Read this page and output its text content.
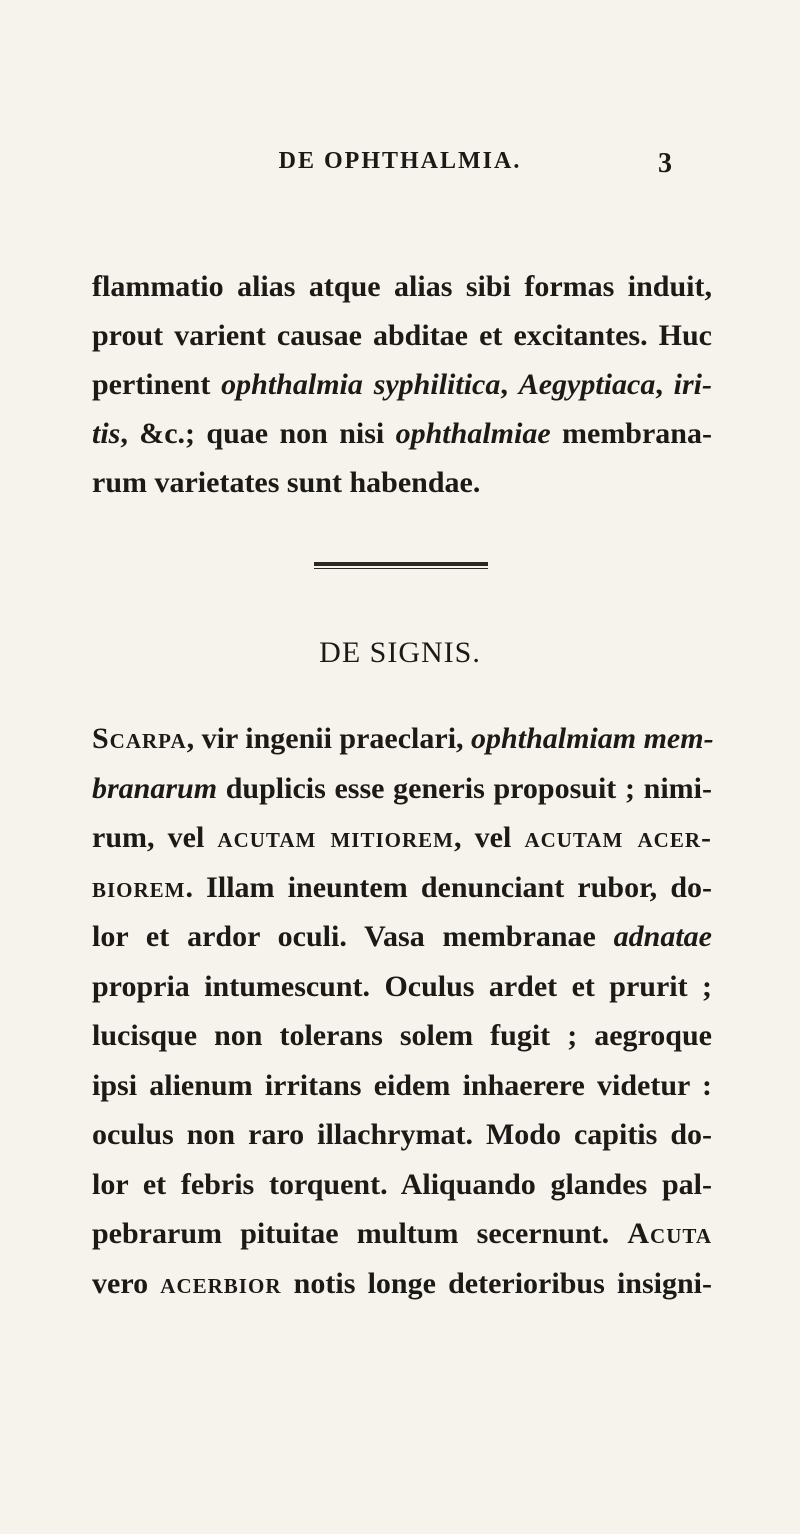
DE OPHTHALMIA.	3
flammatio alias atque alias sibi formas induit,
prout varient causae abditae et excitantes. Huc
pertinent ophthalmia syphilitica, Aegyptiaca, iri-
tis, &c.; quae non nisi ophthalmiae membrana-
rum varietates sunt habendae.
DE SIGNIS.
Scarpa, vir ingenii praeclari, ophthalmiam mem-
branarum duplicis esse generis proposuit ; nimi-
rum, vel acutam mitiorem, vel acutam acer-
biorem. Illam ineuntem denunciant rubor, do-
lor et ardor oculi. Vasa membranae adnatae
propria intumescunt. Oculus ardet et prurit ;
lucisque non tolerans solem fugit ; aegroque
ipsi alienum irritans eidem inhaerere videtur :
oculus non raro illachrymat. Modo capitis do-
lor et febris torquent. Aliquando glandes pal-
pebrarum pituitae multum secernunt. Acuta
vero acerbior notis longe deterioribus insigni-
